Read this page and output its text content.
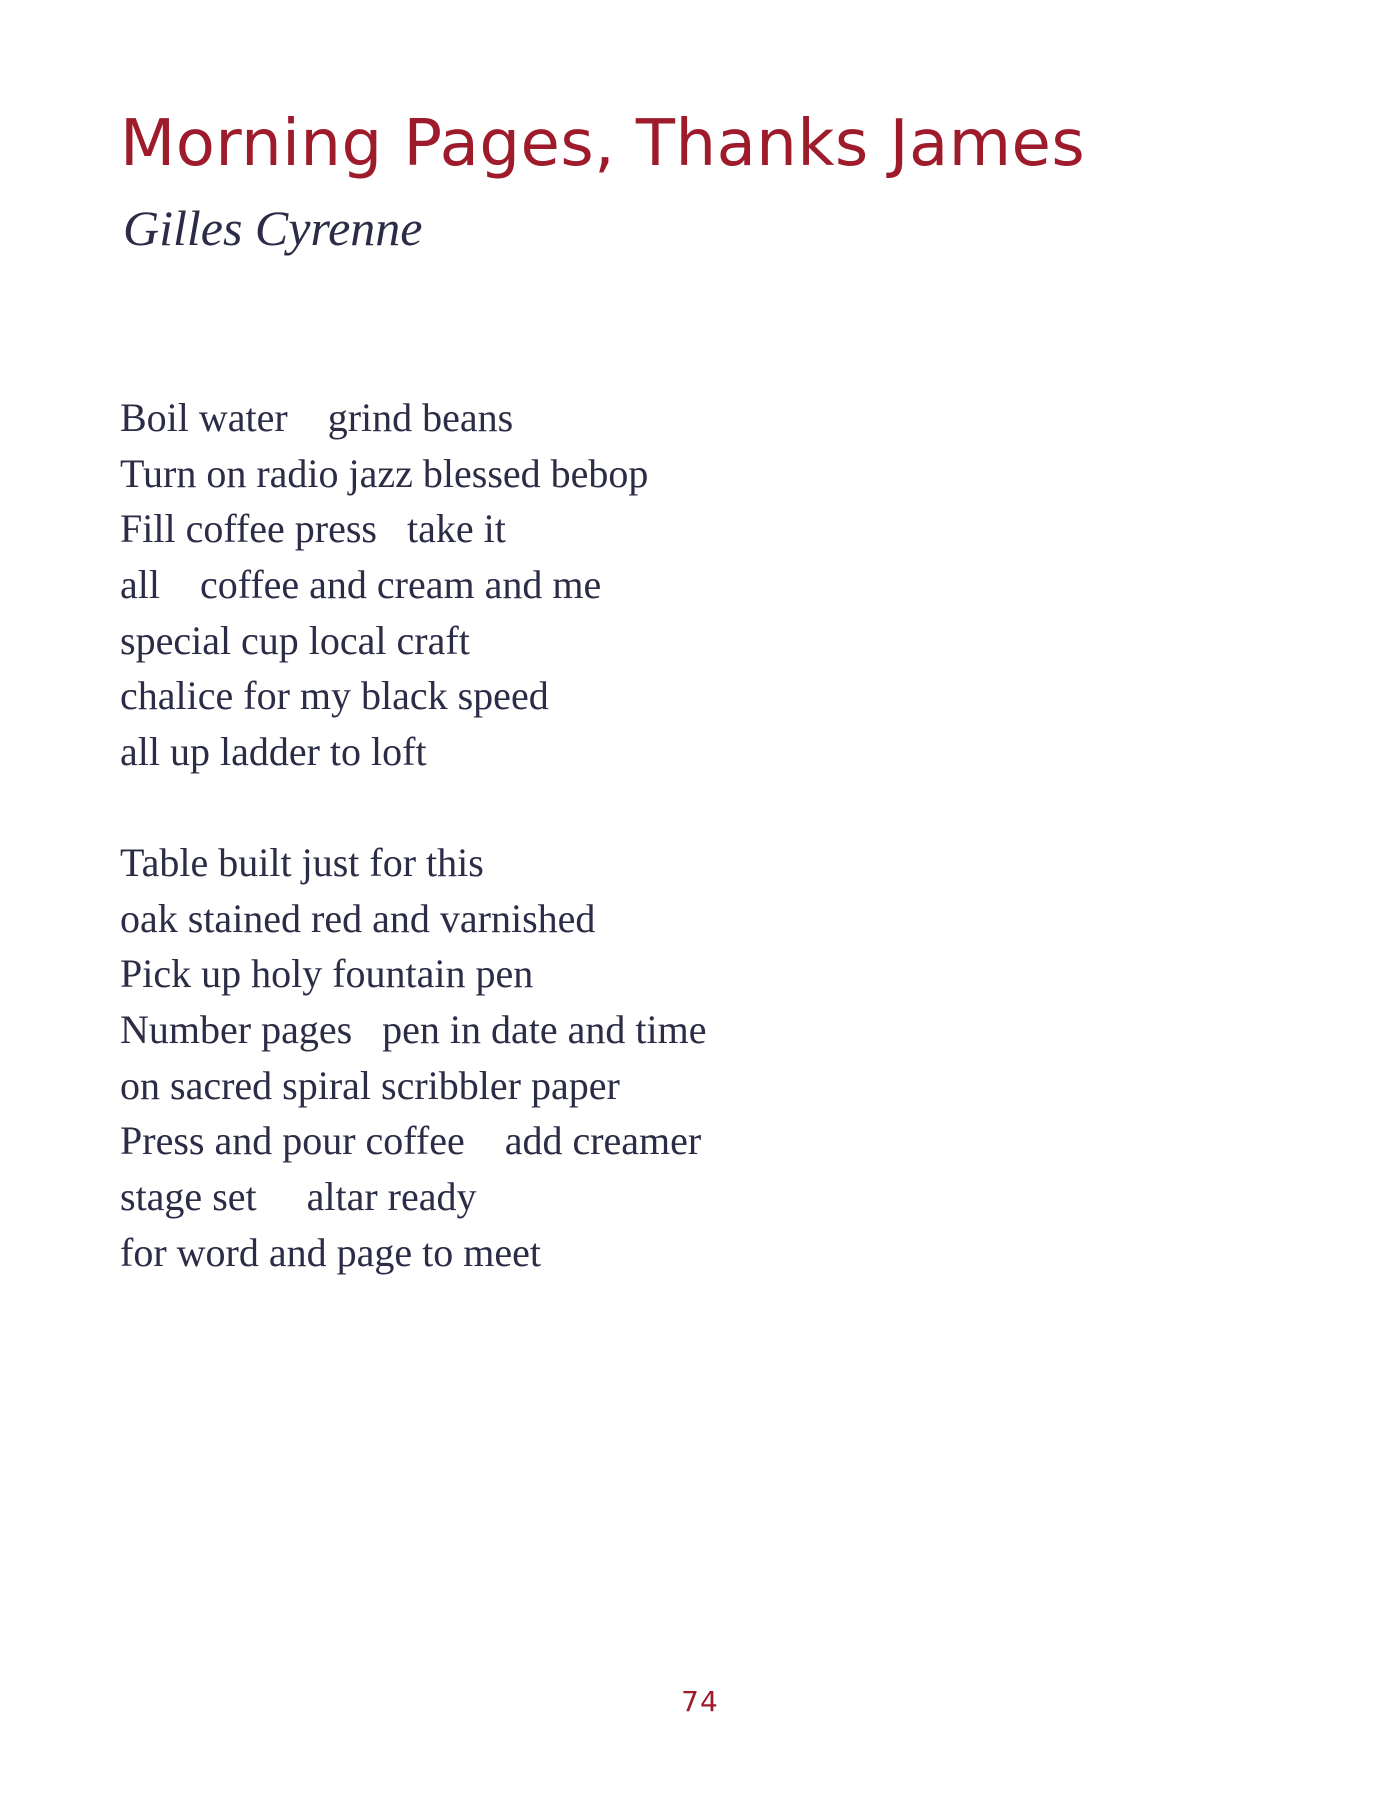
Morning Pages, Thanks James
Gilles Cyrenne
Boil water    grind beans
Turn on radio jazz blessed bebop
Fill coffee press   take it
all    coffee and cream and me
special cup local craft
chalice for my black speed
all up ladder to loft
Table built just for this
oak stained red and varnished
Pick up holy fountain pen
Number pages   pen in date and time
on sacred spiral scribbler paper
Press and pour coffee    add creamer
stage set     altar ready
for word and page to meet
74
